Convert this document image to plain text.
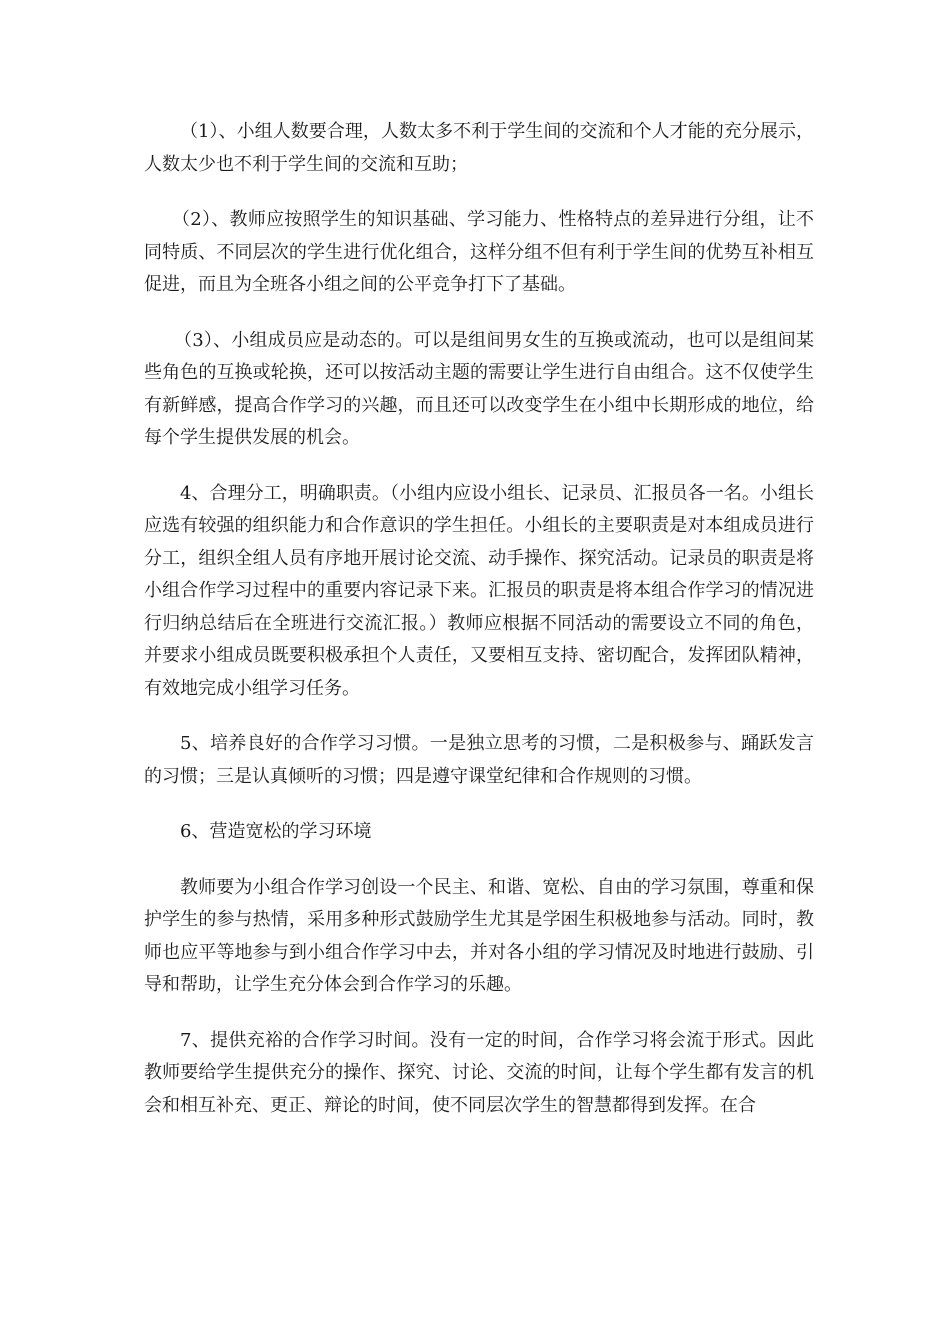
（1）、小组人数要合理，人数太多不利于学生间的交流和个人才能的充分展示，人数太少也不利于学生间的交流和互助；

（2）、教师应按照学生的知识基础、学习能力、性格特点的差异进行分组，让不同特质、不同层次的学生进行优化组合，这样分组不但有利于学生间的优势互补相互促进，而且为全班各小组之间的公平竞争打下了基础。

（3）、小组成员应是动态的。可以是组间男女生的互换或流动，也可以是组间某些角色的互换或轮换，还可以按活动主题的需要让学生进行自由组合。这不仅使学生有新鲜感，提高合作学习的兴趣，而且还可以改变学生在小组中长期形成的地位，给每个学生提供发展的机会。

4、合理分工，明确职责。（小组内应设小组长、记录员、汇报员各一名。小组长应选有较强的组织能力和合作意识的学生担任。小组长的主要职责是对本组成员进行分工，组织全组人员有序地开展讨论交流、动手操作、探究活动。记录员的职责是将小组合作学习过程中的重要内容记录下来。汇报员的职责是将本组合作学习的情况进行归纳总结后在全班进行交流汇报。）教师应根据不同活动的需要设立不同的角色，并要求小组成员既要积极承担个人责任，又要相互支持、密切配合，发挥团队精神，有效地完成小组学习任务。

5、培养良好的合作学习习惯。一是独立思考的习惯，二是积极参与、踊跃发言的习惯；三是认真倾听的习惯；四是遵守课堂纪律和合作规则的习惯。

6、营造宽松的学习环境

教师要为小组合作学习创设一个民主、和谐、宽松、自由的学习氛围，尊重和保护学生的参与热情，采用多种形式鼓励学生尤其是学困生积极地参与活动。同时，教师也应平等地参与到小组合作学习中去，并对各小组的学习情况及时地进行鼓励、引导和帮助，让学生充分体会到合作学习的乐趣。

7、提供充裕的合作学习时间。没有一定的时间，合作学习将会流于形式。因此教师要给学生提供充分的操作、探究、讨论、交流的时间，让每个学生都有发言的机会和相互补充、更正、辩论的时间，使不同层次学生的智慧都得到发挥。在合
